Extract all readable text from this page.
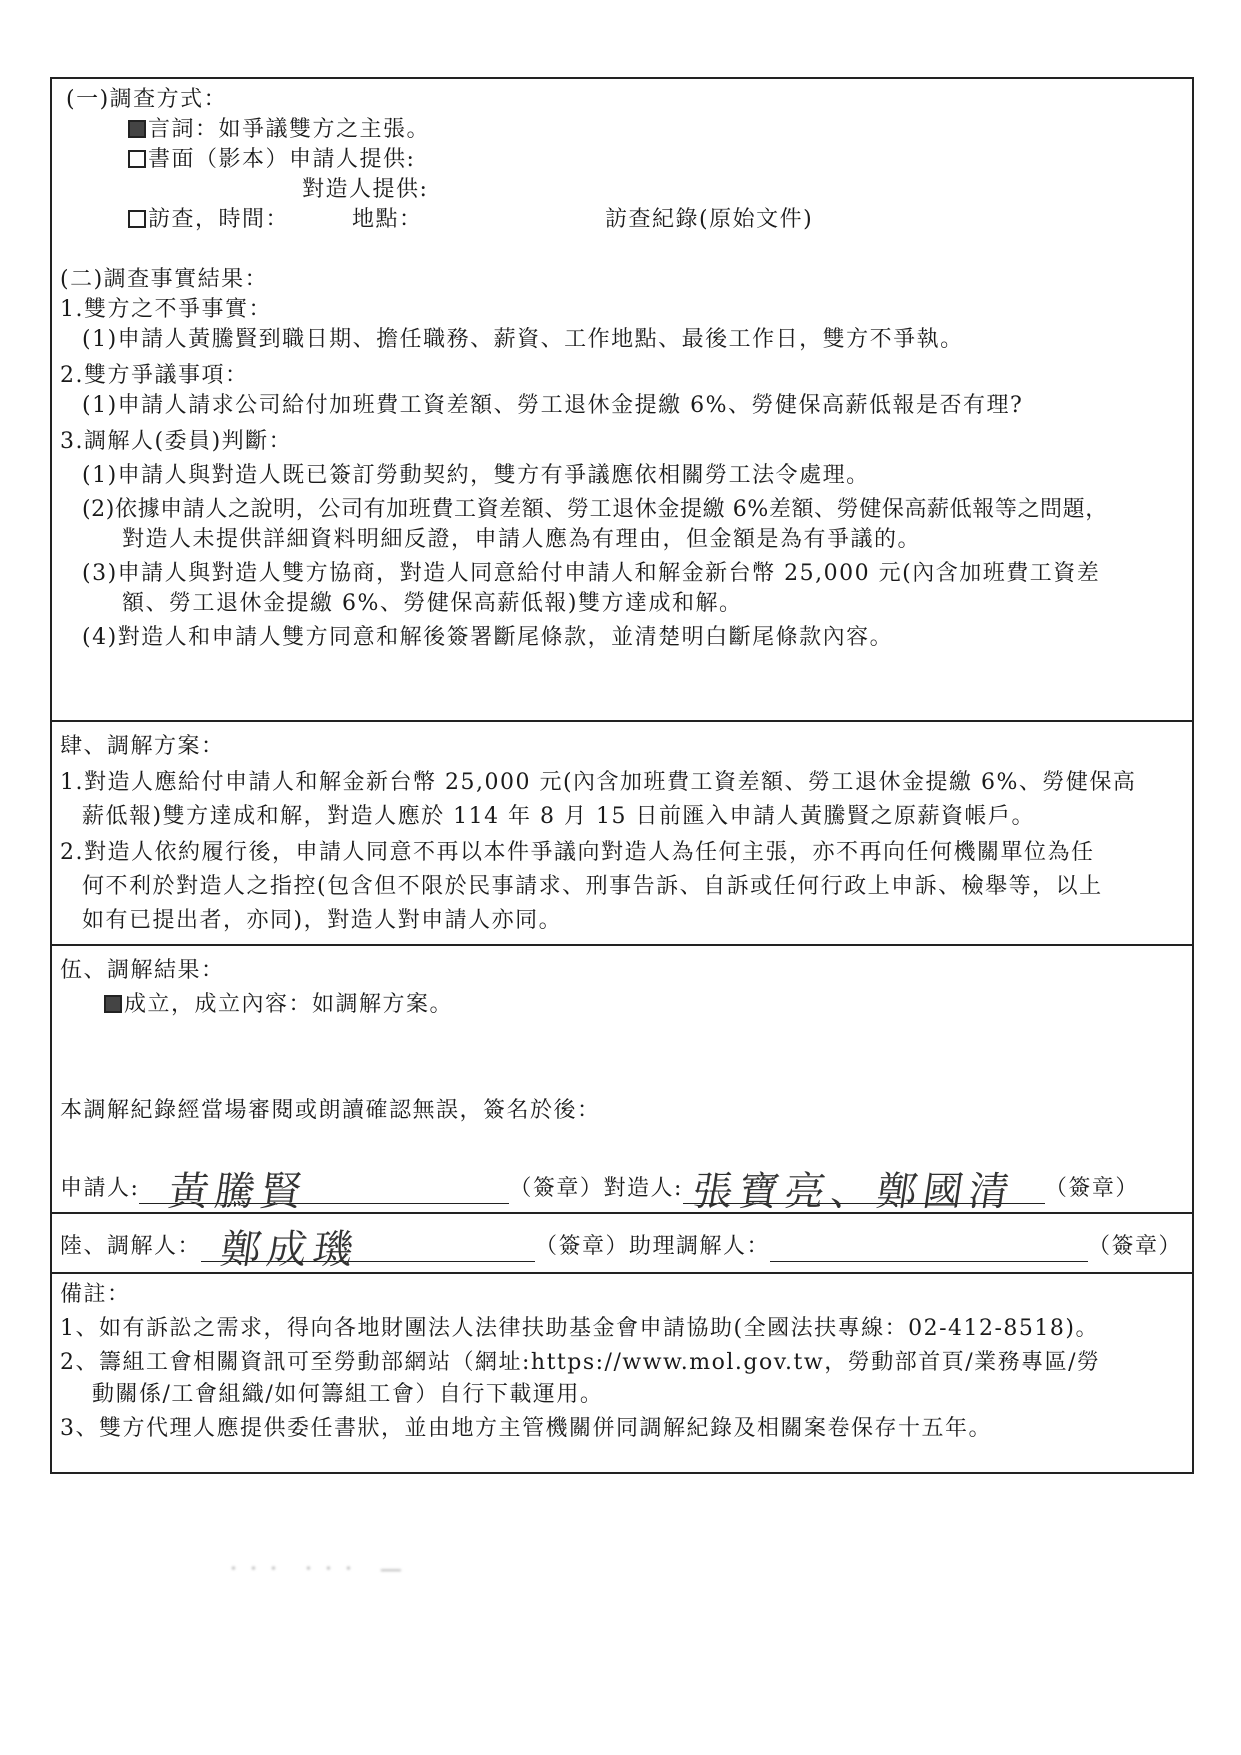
(一)調查方式：
言詞：如爭議雙方之主張。
書面（影本）申請人提供:
對造人提供:
訪查，時間：	地點：	訪查紀錄(原始文件)
(二)調查事實結果：
1.雙方之不爭事實：
(1)申請人黃騰賢到職日期、擔任職務、薪資、工作地點、最後工作日，雙方不爭執。
2.雙方爭議事項：
(1)申請人請求公司給付加班費工資差額、勞工退休金提繳 6%、勞健保高薪低報是否有理?
3.調解人(委員)判斷：
(1)申請人與對造人既已簽訂勞動契約，雙方有爭議應依相關勞工法令處理。
(2)依據申請人之說明，公司有加班費工資差額、勞工退休金提繳 6%差額、勞健保高薪低報等之問題，
對造人未提供詳細資料明細反證，申請人應為有理由，但金額是為有爭議的。
(3)申請人與對造人雙方協商，對造人同意給付申請人和解金新台幣 25,000 元(內含加班費工資差
額、勞工退休金提繳 6%、勞健保高薪低報)雙方達成和解。
(4)對造人和申請人雙方同意和解後簽署斷尾條款，並清楚明白斷尾條款內容。
肆、調解方案：
1.對造人應給付申請人和解金新台幣 25,000 元(內含加班費工資差額、勞工退休金提繳 6%、勞健保高
薪低報)雙方達成和解，對造人應於 114 年 8 月 15 日前匯入申請人黃騰賢之原薪資帳戶。
2.對造人依約履行後，申請人同意不再以本件爭議向對造人為任何主張，亦不再向任何機關單位為任
何不利於對造人之指控(包含但不限於民事請求、刑事告訴、自訴或任何行政上申訴、檢舉等，以上
如有已提出者，亦同)，對造人對申請人亦同。
伍、調解結果：
成立，成立內容：如調解方案。
本調解紀錄經當場審閱或朗讀確認無誤，簽名於後：
申請人: 黃騰賢	（簽章）對造人: 張寶亮、鄭國清 （簽章）
陸、調解人： 鄭成璣	（簽章）助理調解人：	（簽章）
備註：
1、如有訴訟之需求，得向各地財團法人法律扶助基金會申請協助(全國法扶專線：02-412-8518)。
2、籌組工會相關資訊可至勞動部網站（網址:https://www.mol.gov.tw，勞動部首頁/業務專區/勞
動關係/工會組織/如何籌組工會）自行下載運用。
3、雙方代理人應提供委任書狀，並由地方主管機關併同調解紀錄及相關案卷保存十五年。
· · ·　· · ·　—
